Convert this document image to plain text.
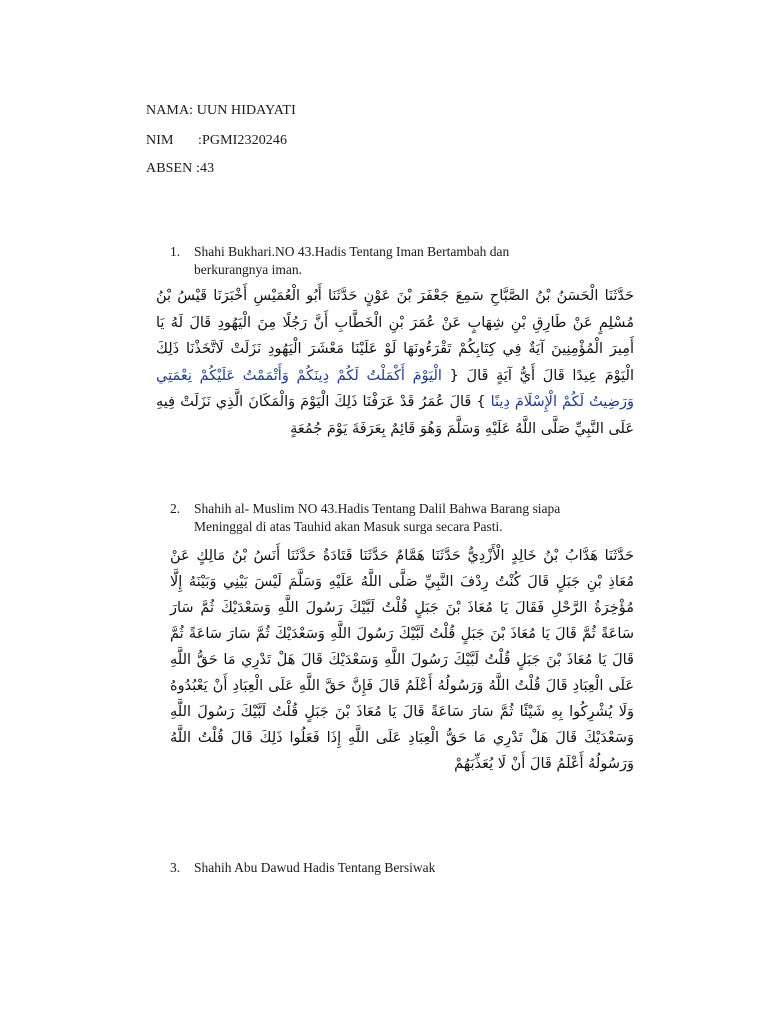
NAMA: UUN HIDAYATI
NIM :PGMI2320246
ABSEN :43
1. Shahi Bukhari.NO 43.Hadis Tentang Iman Bertambah dan
berkurangnya iman.

حَدَّثَنَا الْحَسَنُ بْنُ الصَّبَّاحِ سَمِعَ جَعْفَرَ بْنَ عَوْنٍ حَدَّثَنَا أَبُو الْعُمَيْسِ أَخْبَرَنَا قَيْسُ بْنُ مُسْلِمٍ عَنْ طَارِقِ بْنِ شِهَابٍ عَنْ عُمَرَ بْنِ الْخَطَّابِ أَنَّ رَجُلًا مِنَ الْيَهُودِ قَالَ لَهُ يَا أَمِيرَ الْمُؤْمِنِينَ آيَةٌ فِي كِتَابِكُمْ تَقْرَءُونَهَا لَوْ عَلَيْنَا مَعْشَرَ الْيَهُودِ نَزَلَتْ لَاتَّخَذْنَا ذَلِكَ الْيَوْمَ عِيدًا قَالَ أَيُّ آيَةٍ قَالَ { الْيَوْمَ أَكْمَلْتُ لَكُمْ دِينَكُمْ وَأَتْمَمْتُ عَلَيْكُمْ نِعْمَتِي وَرَضِيتُ لَكُمْ الْإِسْلَامَ دِينًا } قَالَ عُمَرُ قَدْ عَرَفْنَا ذَلِكَ الْيَوْمَ وَالْمَكَانَ الَّذِي نَزَلَتْ فِيهِ عَلَى النَّبِيِّ صَلَّى اللَّهُ عَلَيْهِ وَسَلَّمَ وَهُوَ قَائِمٌ بِعَرَفَةَ يَوْمَ جُمُعَةٍ

2. Shahih al- Muslim NO 43.Hadis Tentang Dalil Bahwa Barang siapa
Meninggal di atas Tauhid akan Masuk surga secara Pasti.

حَدَّثَنَا هَدَّابُ بْنُ خَالِدٍ الْأَزْدِيُّ حَدَّثَنَا هَمَّامٌ حَدَّثَنَا قَتَادَةُ حَدَّثَنَا أَنَسُ بْنُ مَالِكٍ عَنْ مُعَاذِ بْنِ جَبَلٍ قَالَ كُنْتُ رِدْفَ النَّبِيِّ صَلَّى اللَّهُ عَلَيْهِ وَسَلَّمَ لَيْسَ بَيْنِي وَبَيْنَهُ إِلَّا مُؤْخِرَةُ الرَّحْلِ فَقَالَ يَا مُعَاذَ بْنَ جَبَلٍ قُلْتُ لَبَّيْكَ رَسُولَ اللَّهِ وَسَعْدَيْكَ ثُمَّ سَارَ سَاعَةً ثُمَّ قَالَ يَا مُعَاذَ بْنَ جَبَلٍ قُلْتُ لَبَّيْكَ رَسُولَ اللَّهِ وَسَعْدَيْكَ ثُمَّ سَارَ سَاعَةً ثُمَّ قَالَ يَا مُعَاذَ بْنَ جَبَلٍ قُلْتُ لَبَّيْكَ رَسُولَ اللَّهِ وَسَعْدَيْكَ قَالَ هَلْ تَدْرِي مَا حَقُّ اللَّهِ عَلَى الْعِبَادِ قَالَ قُلْتُ اللَّهُ وَرَسُولُهُ أَعْلَمُ قَالَ فَإِنَّ حَقَّ اللَّهِ عَلَى الْعِبَادِ أَنْ يَعْبُدُوهُ وَلَا يُشْرِكُوا بِهِ شَيْئًا ثُمَّ سَارَ سَاعَةً قَالَ يَا مُعَاذَ بْنَ جَبَلٍ قُلْتُ لَبَّيْكَ رَسُولَ اللَّهِ وَسَعْدَيْكَ قَالَ هَلْ تَدْرِي مَا حَقُّ الْعِبَادِ عَلَى اللَّهِ إِذَا فَعَلُوا ذَلِكَ قَالَ قُلْتُ اللَّهُ وَرَسُولُهُ أَعْلَمُ قَالَ أَنْ لَا يُعَذِّبَهُمْ

3. Shahih Abu Dawud Hadis Tentang Bersiwak
